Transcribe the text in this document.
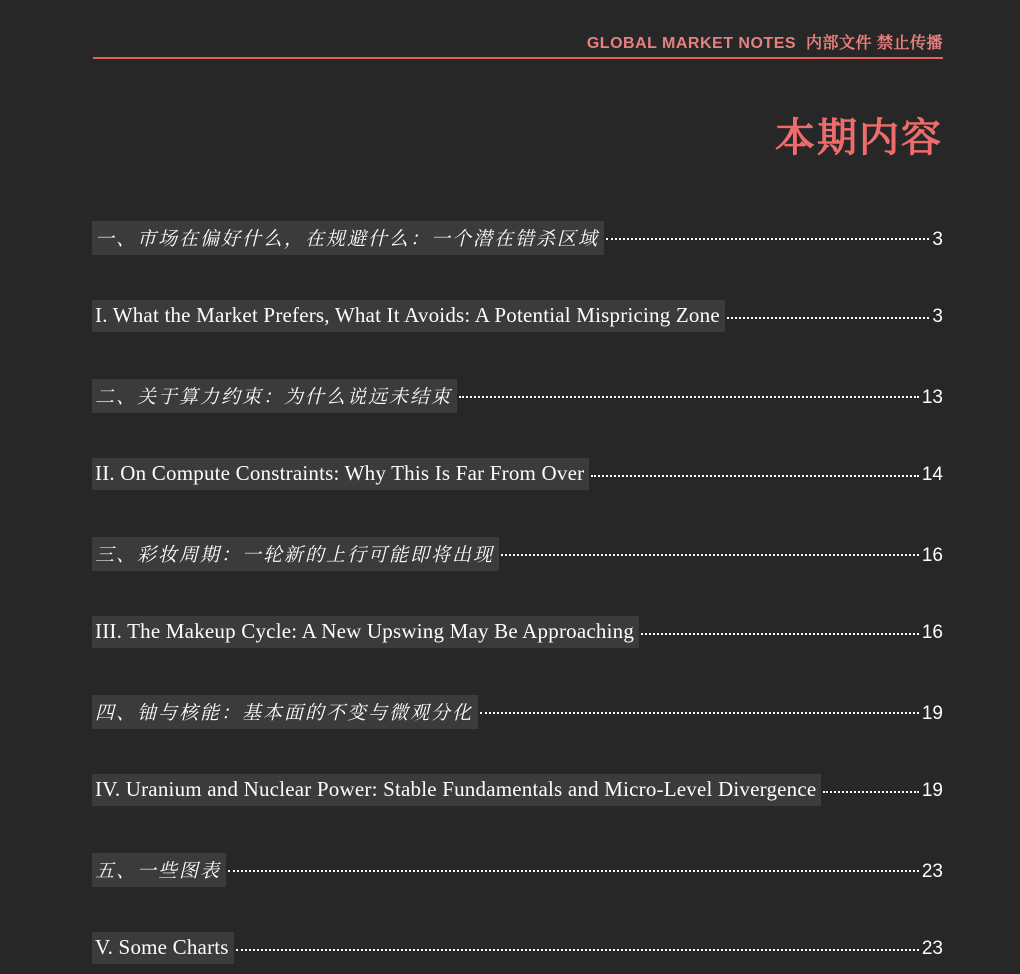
GLOBAL MARKET NOTES 内部文件 禁止传播
本期内容
一、市场在偏好什么，在规避什么：一个潜在错杀区域	3
I. What the Market Prefers, What It Avoids: A Potential Mispricing Zone	3
二、关于算力约束：为什么说远未结束	13
II. On Compute Constraints: Why This Is Far From Over	14
三、彩妆周期：一轮新的上行可能即将出现	16
III. The Makeup Cycle: A New Upswing May Be Approaching	16
四、铀与核能：基本面的不变与微观分化	19
IV. Uranium and Nuclear Power: Stable Fundamentals and Micro-Level Divergence	19
五、一些图表	23
V. Some Charts	23
